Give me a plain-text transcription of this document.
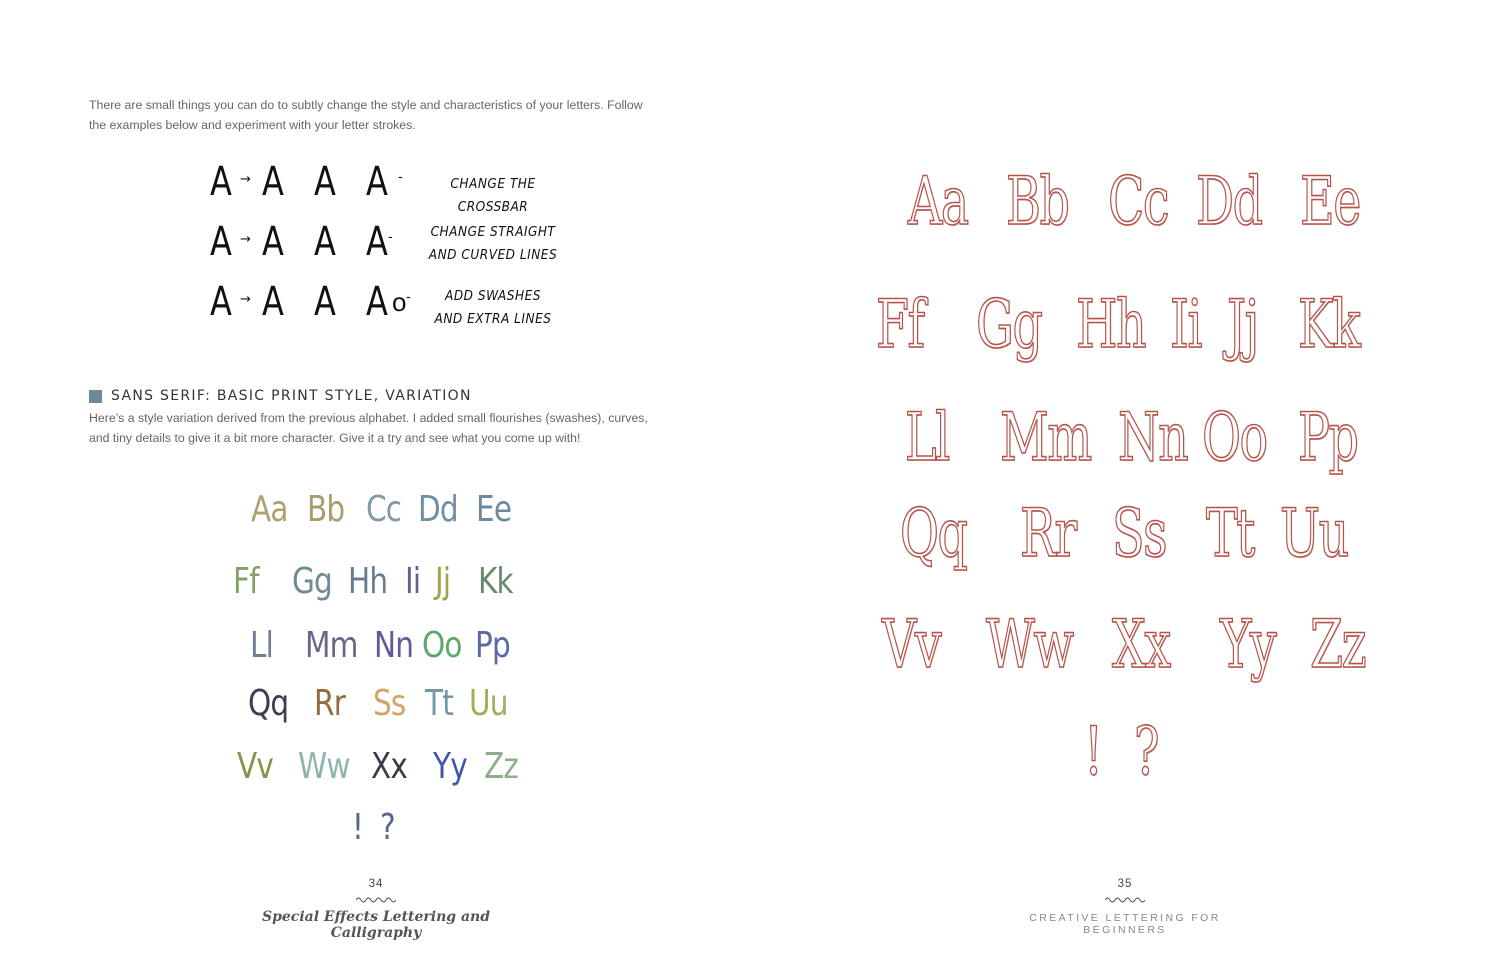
There are small things you can do to subtly change the style and characteristics of your letters. Follow

the examples below and experiment with your letter strokes.

A → A A A -	CHANGE THE CROSSBAR
A → A A A -	CHANGE STRAIGHT
AND CURVED LINES
A → A A A o -	ADD SWASHES
AND EXTRA LINES
SANS SERIF: BASIC PRINT STYLE, VARIATION

Here’s a style variation derived from the previous alphabet. I added small flourishes (swashes), curves,

and tiny details to give it a bit more character. Give it a try and see what you come up with!

Aa Bb Cc Dd Ee
Ff Gg Hh Ii Jj Kk
Ll Mm Nn Oo Pp
Qq Rr Ss Tt Uu
Vv Ww Xx Yy Zz
! ?
34
Special Effects Lettering and Calligraphy
Aa Bb Cc Dd Ee
Ff Gg Hh Ii Jj Kk
Ll Mm Nn Oo Pp
Qq Rr Ss Tt Uu
Vv Ww Xx Yy Zz
! ?
35
CREATIVE LETTERING FOR BEGINNERS
